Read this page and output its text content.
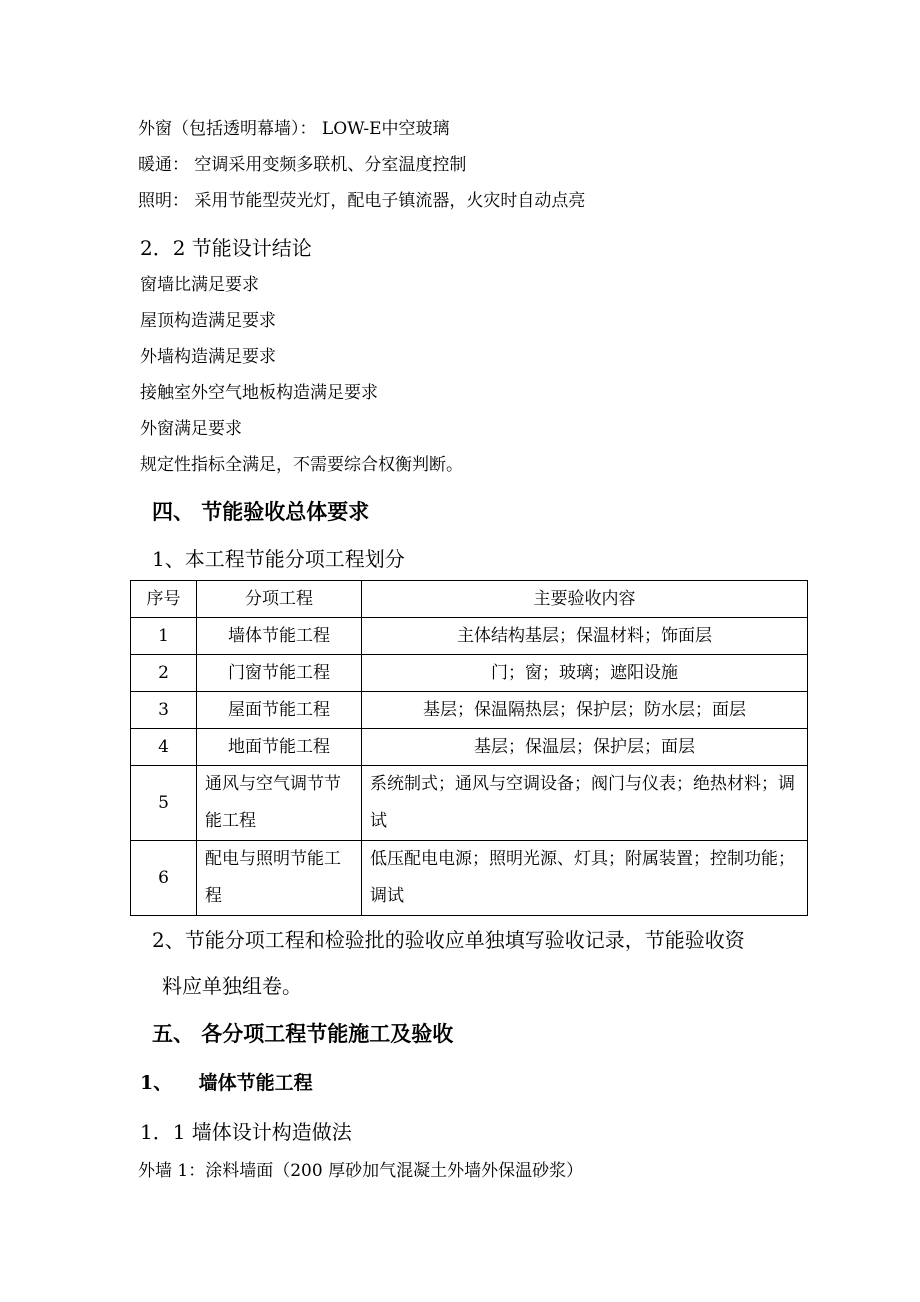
外窗（包括透明幕墙）： LOW-E中空玻璃
暖通： 空调采用变频多联机、分室温度控制
照明： 采用节能型荧光灯，配电子镇流器，火灾时自动点亮
2．2 节能设计结论
窗墙比满足要求
屋顶构造满足要求
外墙构造满足要求
接触室外空气地板构造满足要求
外窗满足要求
规定性指标全满足，不需要综合权衡判断。
四、 节能验收总体要求
1、本工程节能分项工程划分
序号	分项工程	主要验收内容
1	墙体节能工程	主体结构基层；保温材料；饰面层
2	门窗节能工程	门；窗；玻璃；遮阳设施
3	屋面节能工程	基层；保温隔热层；保护层；防水层；面层
4	地面节能工程	基层；保温层；保护层；面层
5	通风与空气调节节能工程	系统制式；通风与空调设备；阀门与仪表；绝热材料；调试
6	配电与照明节能工程	低压配电电源；照明光源、灯具；附属装置；控制功能；调试
2、节能分项工程和检验批的验收应单独填写验收记录，节能验收资
料应单独组卷。
五、 各分项工程节能施工及验收
1、    墙体节能工程
1．1 墙体设计构造做法
外墙 1：涂料墙面（200 厚砂加气混凝土外墙外保温砂浆）
